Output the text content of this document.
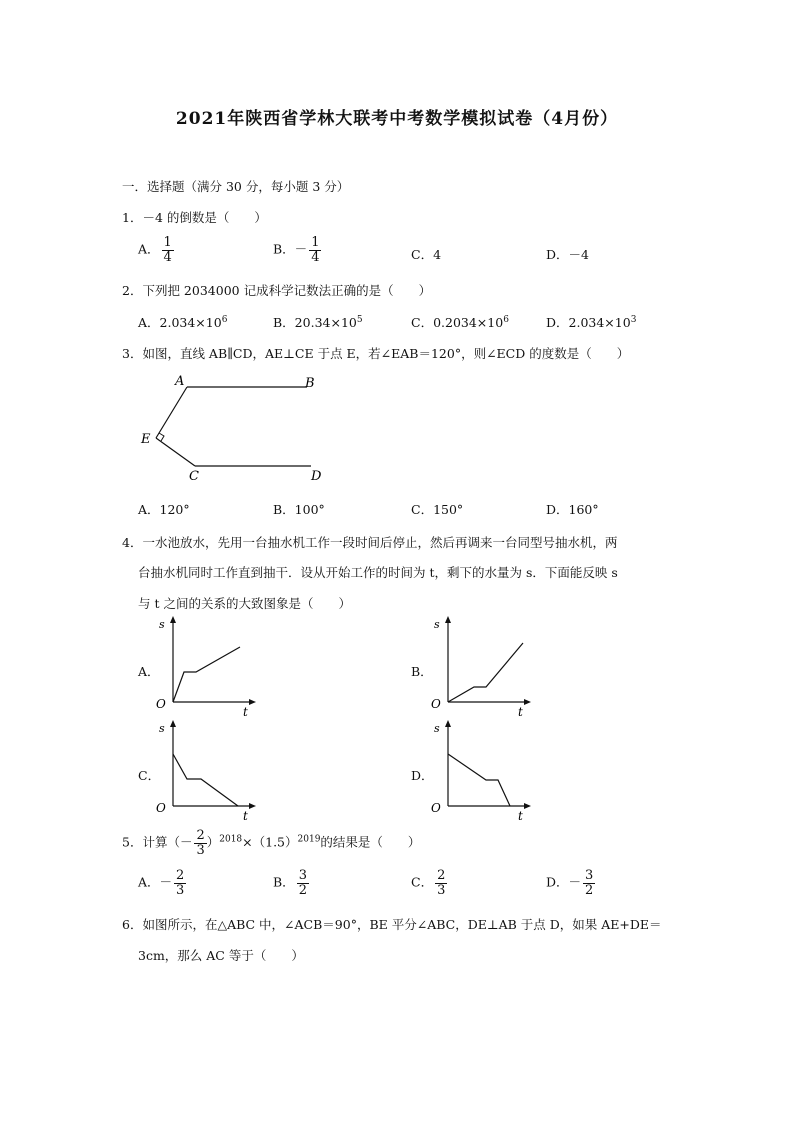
2021年陕西省学林大联考中考数学模拟试卷（4月份）
一．选择题（满分 30 分，每小题 3 分）
1．－4 的倒数是（　　）
A． $\frac{1}{4}$	B．－ $\frac{1}{4}$	C．4	D．－4
2．下列把 2034000 记成科学记数法正确的是（　　）
A．$2.034\times 10^6$	B．$20.34\times 10^5$	C．$0.2034\times 10^6$	D．$2.034\times 10^3$
3．如图，直线 AB∥CD，AE⊥CE 于点 E，若∠EAB＝120°，则∠ECD 的度数是（　　）
A	B
E
C	D
A．120°	B．100°	C．150°	D．160°
4．一水池放水，先用一台抽水机工作一段时间后停止，然后再调来一台同型号抽水机，两
台抽水机同时工作直到抽干．设从开始工作的时间为 t，剩下的水量为 s．下面能反映 s
与 t 之间的关系的大致图象是（　　）
A．	B．
C．	D．
s
O
t
s
O
t
s
O
t
s
O
t
5．计算（－ $\frac{2}{3} )^{2018}\times(1.5)^{2019}$的结果是（　　）
A．－ $\frac{2}{3}$	B． $\frac{3}{2}$	C． $\frac{2}{3}$	D．－ $\frac{3}{2}$
6．如图所示，在△ABC 中，∠ACB＝90°，BE 平分∠ABC，DE⊥AB 于点 D，如果 AE+DE＝
3cm，那么 AC 等于（　　）
